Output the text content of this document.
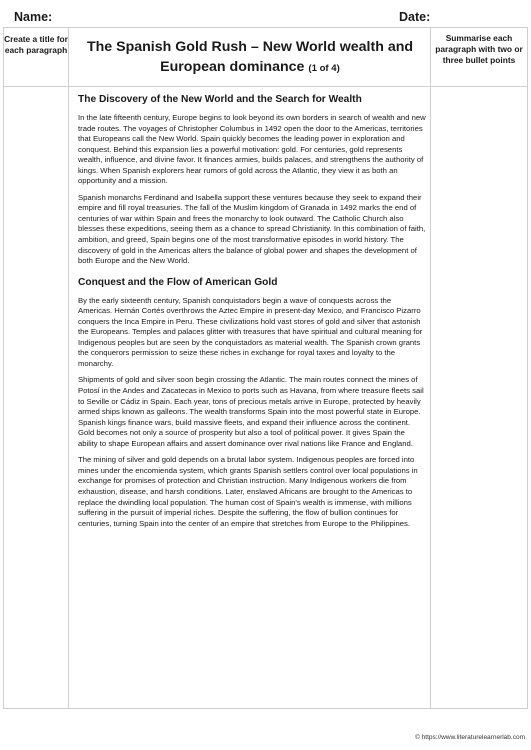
Name:	Date:
Create a title for each paragraph
Summarise each paragraph with two or three bullet points
The Spanish Gold Rush – New World wealth and European dominance (1 of 4)
The Discovery of the New World and the Search for Wealth

In the late fifteenth century, Europe begins to look beyond its own borders in search of wealth and new trade routes. The voyages of Christopher Columbus in 1492 open the door to the Americas, territories that Europeans call the New World. Spain quickly becomes the leading power in exploration and conquest. Behind this expansion lies a powerful motivation: gold. For centuries, gold represents wealth, influence, and divine favor. It finances armies, builds palaces, and strengthens the authority of kings. When Spanish explorers hear rumors of gold across the Atlantic, they view it as both an opportunity and a mission.

Spanish monarchs Ferdinand and Isabella support these ventures because they seek to expand their empire and fill royal treasuries. The fall of the Muslim kingdom of Granada in 1492 marks the end of centuries of war within Spain and frees the monarchy to look outward. The Catholic Church also blesses these expeditions, seeing them as a chance to spread Christianity. In this combination of faith, ambition, and greed, Spain begins one of the most transformative episodes in world history. The discovery of gold in the Americas alters the balance of global power and shapes the development of both Europe and the New World.

Conquest and the Flow of American Gold

By the early sixteenth century, Spanish conquistadors begin a wave of conquests across the Americas. Hernán Cortés overthrows the Aztec Empire in present-day Mexico, and Francisco Pizarro conquers the Inca Empire in Peru. These civilizations hold vast stores of gold and silver that astonish the Europeans. Temples and palaces glitter with treasures that have spiritual and cultural meaning for Indigenous peoples but are seen by the conquistadors as material wealth. The Spanish crown grants the conquerors permission to seize these riches in exchange for royal taxes and loyalty to the monarchy.

Shipments of gold and silver soon begin crossing the Atlantic. The main routes connect the mines of Potosí in the Andes and Zacatecas in Mexico to ports such as Havana, from where treasure fleets sail to Seville or Cádiz in Spain. Each year, tons of precious metals arrive in Europe, protected by heavily armed ships known as galleons. The wealth transforms Spain into the most powerful state in Europe. Spanish kings finance wars, build massive fleets, and expand their influence across the continent. Gold becomes not only a source of prosperity but also a tool of political power. It gives Spain the ability to shape European affairs and assert dominance over rival nations like France and England.

The mining of silver and gold depends on a brutal labor system. Indigenous peoples are forced into mines under the encomienda system, which grants Spanish settlers control over local populations in exchange for promises of protection and Christian instruction. Many Indigenous workers die from exhaustion, disease, and harsh conditions. Later, enslaved Africans are brought to the Americas to replace the dwindling local population. The human cost of Spain's wealth is immense, with millions suffering in the pursuit of imperial riches. Despite the suffering, the flow of bullion continues for centuries, turning Spain into the center of an empire that stretches from Europe to the Philippines.

© https://www.literaturelearnerlab.com
